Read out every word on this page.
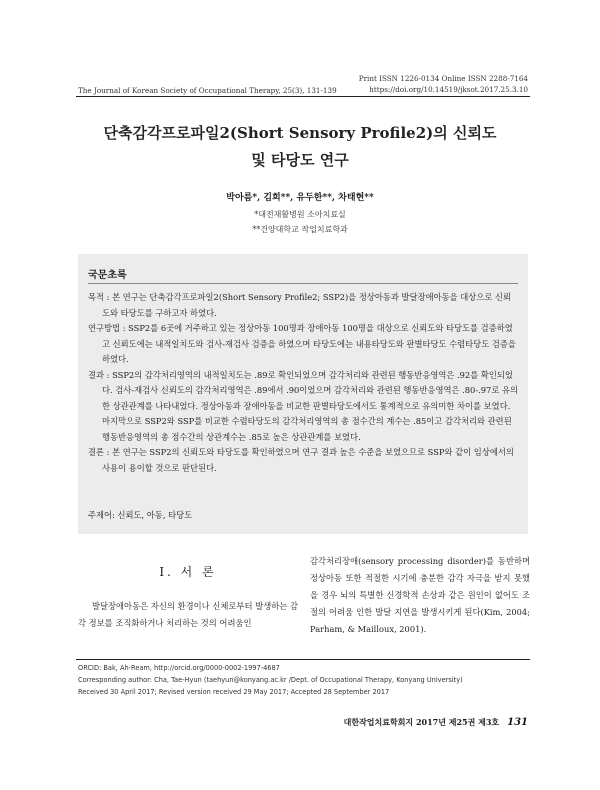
The Journal of Korean Society of Occupational Therapy, 25(3), 131-139
Print ISSN 1226-0134 Online ISSN 2288-7164
https://doi.org/10.14519/jksot.2017.25.3.10
단축감각프로파일2(Short Sensory Profile2)의 신뢰도
및 타당도 연구
박아름*, 김희**, 유두한**, 차태현**
*대전재활병원 소아치료실
**건양대학교 작업치료학과
국문초록

목적 : 본 연구는 단축감각프로파일2(Short Sensory Profile2; SSP2)을 정상아동과 발달장애아동을 대상으로 신뢰도와 타당도를 구하고자 하였다.

연구방법 : SSP2를 6곳에 거주하고 있는 정상아동 100명과 장애아동 100명을 대상으로 신뢰도와 타당도를 검증하였고 신뢰도에는 내적일치도와 검사-재검사 검증을 하였으며 타당도에는 내용타당도와 판별타당도 수렴타당도 검증을 하였다.

결과 : SSP2의 감각처리영역의 내적일치도는 .89로 확인되었으며 감각처리와 관련된 행동반응영역은 .92를 확인되었다. 검사-재검사 신뢰도의 감각처리영역은 .89에서 .90이었으며 감각처리와 관련된 행동반응영역은 .80-.97로 유의한 상관관계를 나타내었다. 정상아동과 장애아동을 비교한 판별타당도에서도 통계적으로 유의미한 차이를 보였다. 마지막으로 SSP2와 SSP를 비교한 수렴타당도의 감각처리영역의 총 점수간의 계수는 .85이고 감각처리와 관련된 행동반응영역의 총 점수간의 상관계수는 .85로 높은 상관관계를 보였다.

결론 : 본 연구는 SSP2의 신뢰도와 타당도를 확인하였으며 연구 결과 높은 수준을 보였으므로 SSP와 같이 임상에서의 사용이 용이할 것으로 판단된다.

주제어: 신뢰도, 아동, 타당도
Ⅰ. 서 론

발달장애아동은 자신의 환경이나 신체로부터 발생하는 감각 정보를 조직화하거나 처리하는 것의 어려움인

감각처리장애(sensory processing disorder)를 동반하며 정상아동 또한 적절한 시기에 충분한 감각 자극을 받지 못했을 경우 뇌의 특별한 신경학적 손상과 같은 원인이 없어도 조절의 어려움 인한 발달 지연을 발생시키게 된다(Kim, 2004; Parham, & Mailloux, 2001).

ORCID: Bak, Ah-Ream, http://orcid.org/0000-0002-1997-4687
Corresponding author: Cha, Tae-Hyun (taehyun@konyang.ac.kr /Dept. of Occupational Therapy, Konyang University)
Received 30 April 2017; Revised version received 29 May 2017; Accepted 28 September 2017
대한작업치료학회지 2017년 제25권 제3호 131
